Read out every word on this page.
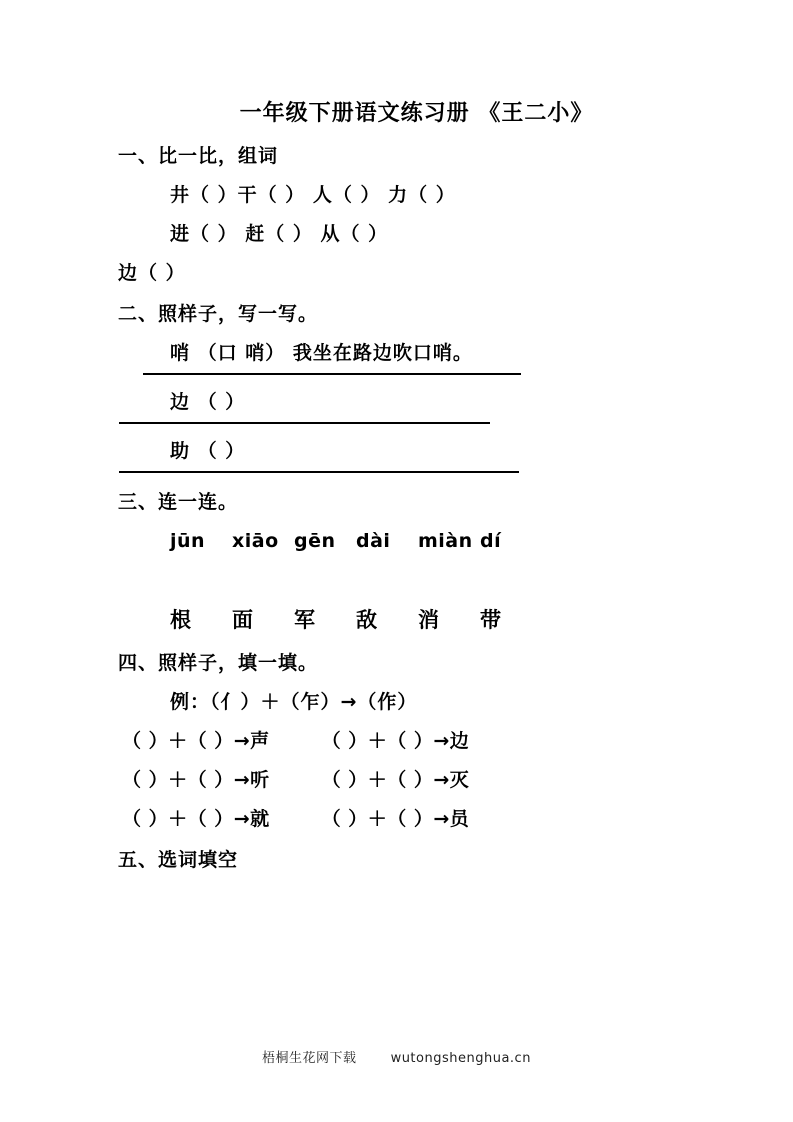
一年级下册语文练习册 《王二小》
一、比一比，组词
井（ ）干（ ） 人（ ） 力（ ）
进（ ） 赶（ ） 从（ ）
边（ ）
二、照样子，写一写。
哨 （口 哨） 我坐在路边吹口哨。
边 （ ）
助 （ ）
三、连一连。
jūn xiāo gēn dài miàn dí
根 面 军 敌 消 带
四、照样子，填一填。
例：（亻）＋（乍）→（作）
（ ）＋（ ）→声	（ ）＋（ ）→边
（ ）＋（ ）→听	（ ）＋（ ）→灭
（ ）＋（ ）→就	（ ）＋（ ）→员
五、选词填空
梧桐生花网下载	wutongshenghua.cn
